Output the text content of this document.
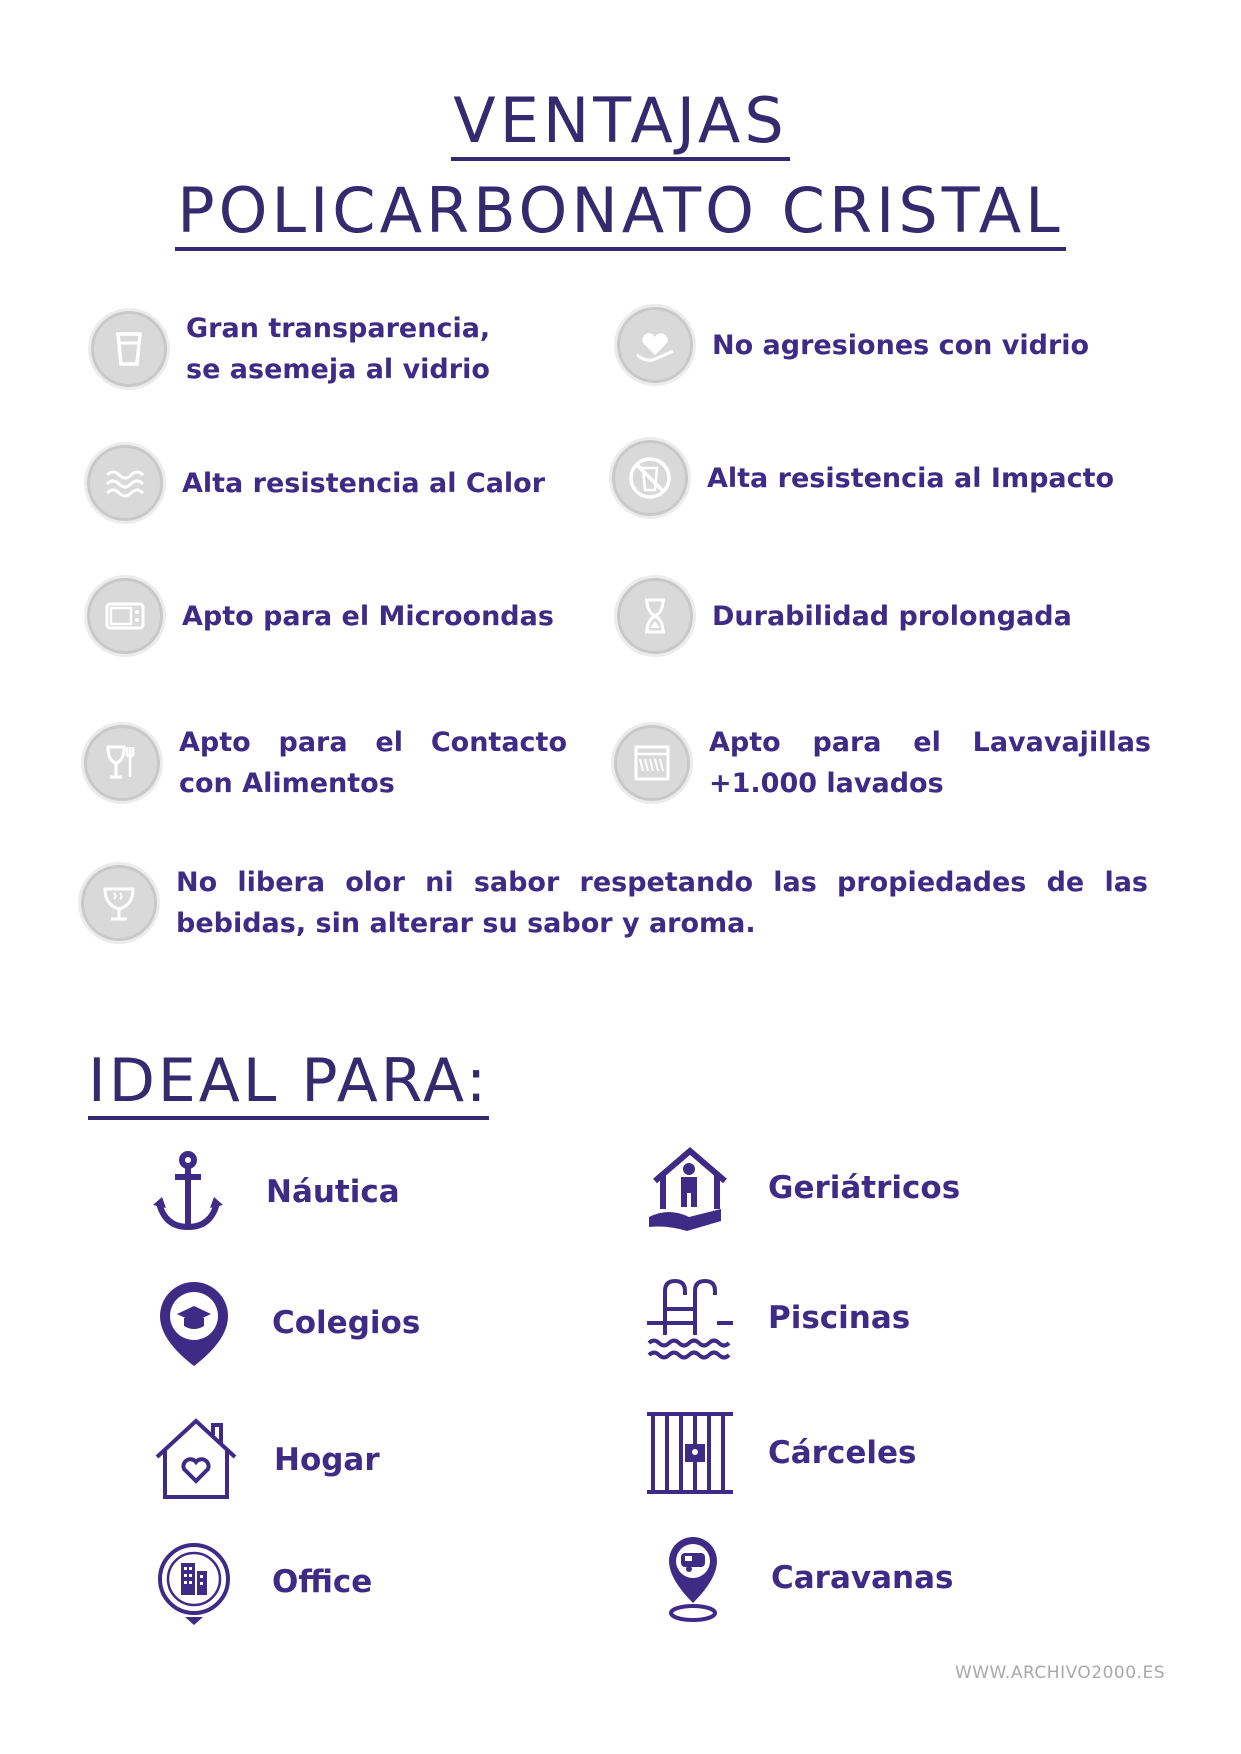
VENTAJAS
POLICARBONATO CRISTAL
Gran transparencia, se asemeja al vidrio
No agresiones con vidrio
Alta resistencia al Calor	Alta resistencia al Impacto
Apto para el Microondas	Durabilidad prolongada
Apto para el Contacto con Alimentos
Apto para el Lavavajillas +1.000 lavados
No libera olor ni sabor respetando las propiedades de las bebidas, sin alterar su sabor y aroma.
IDEAL PARA:
Náutica	Geriátricos
Colegios	Piscinas
Hogar	Cárceles
Office	Caravanas
WWW.ARCHIVO2000.ES
